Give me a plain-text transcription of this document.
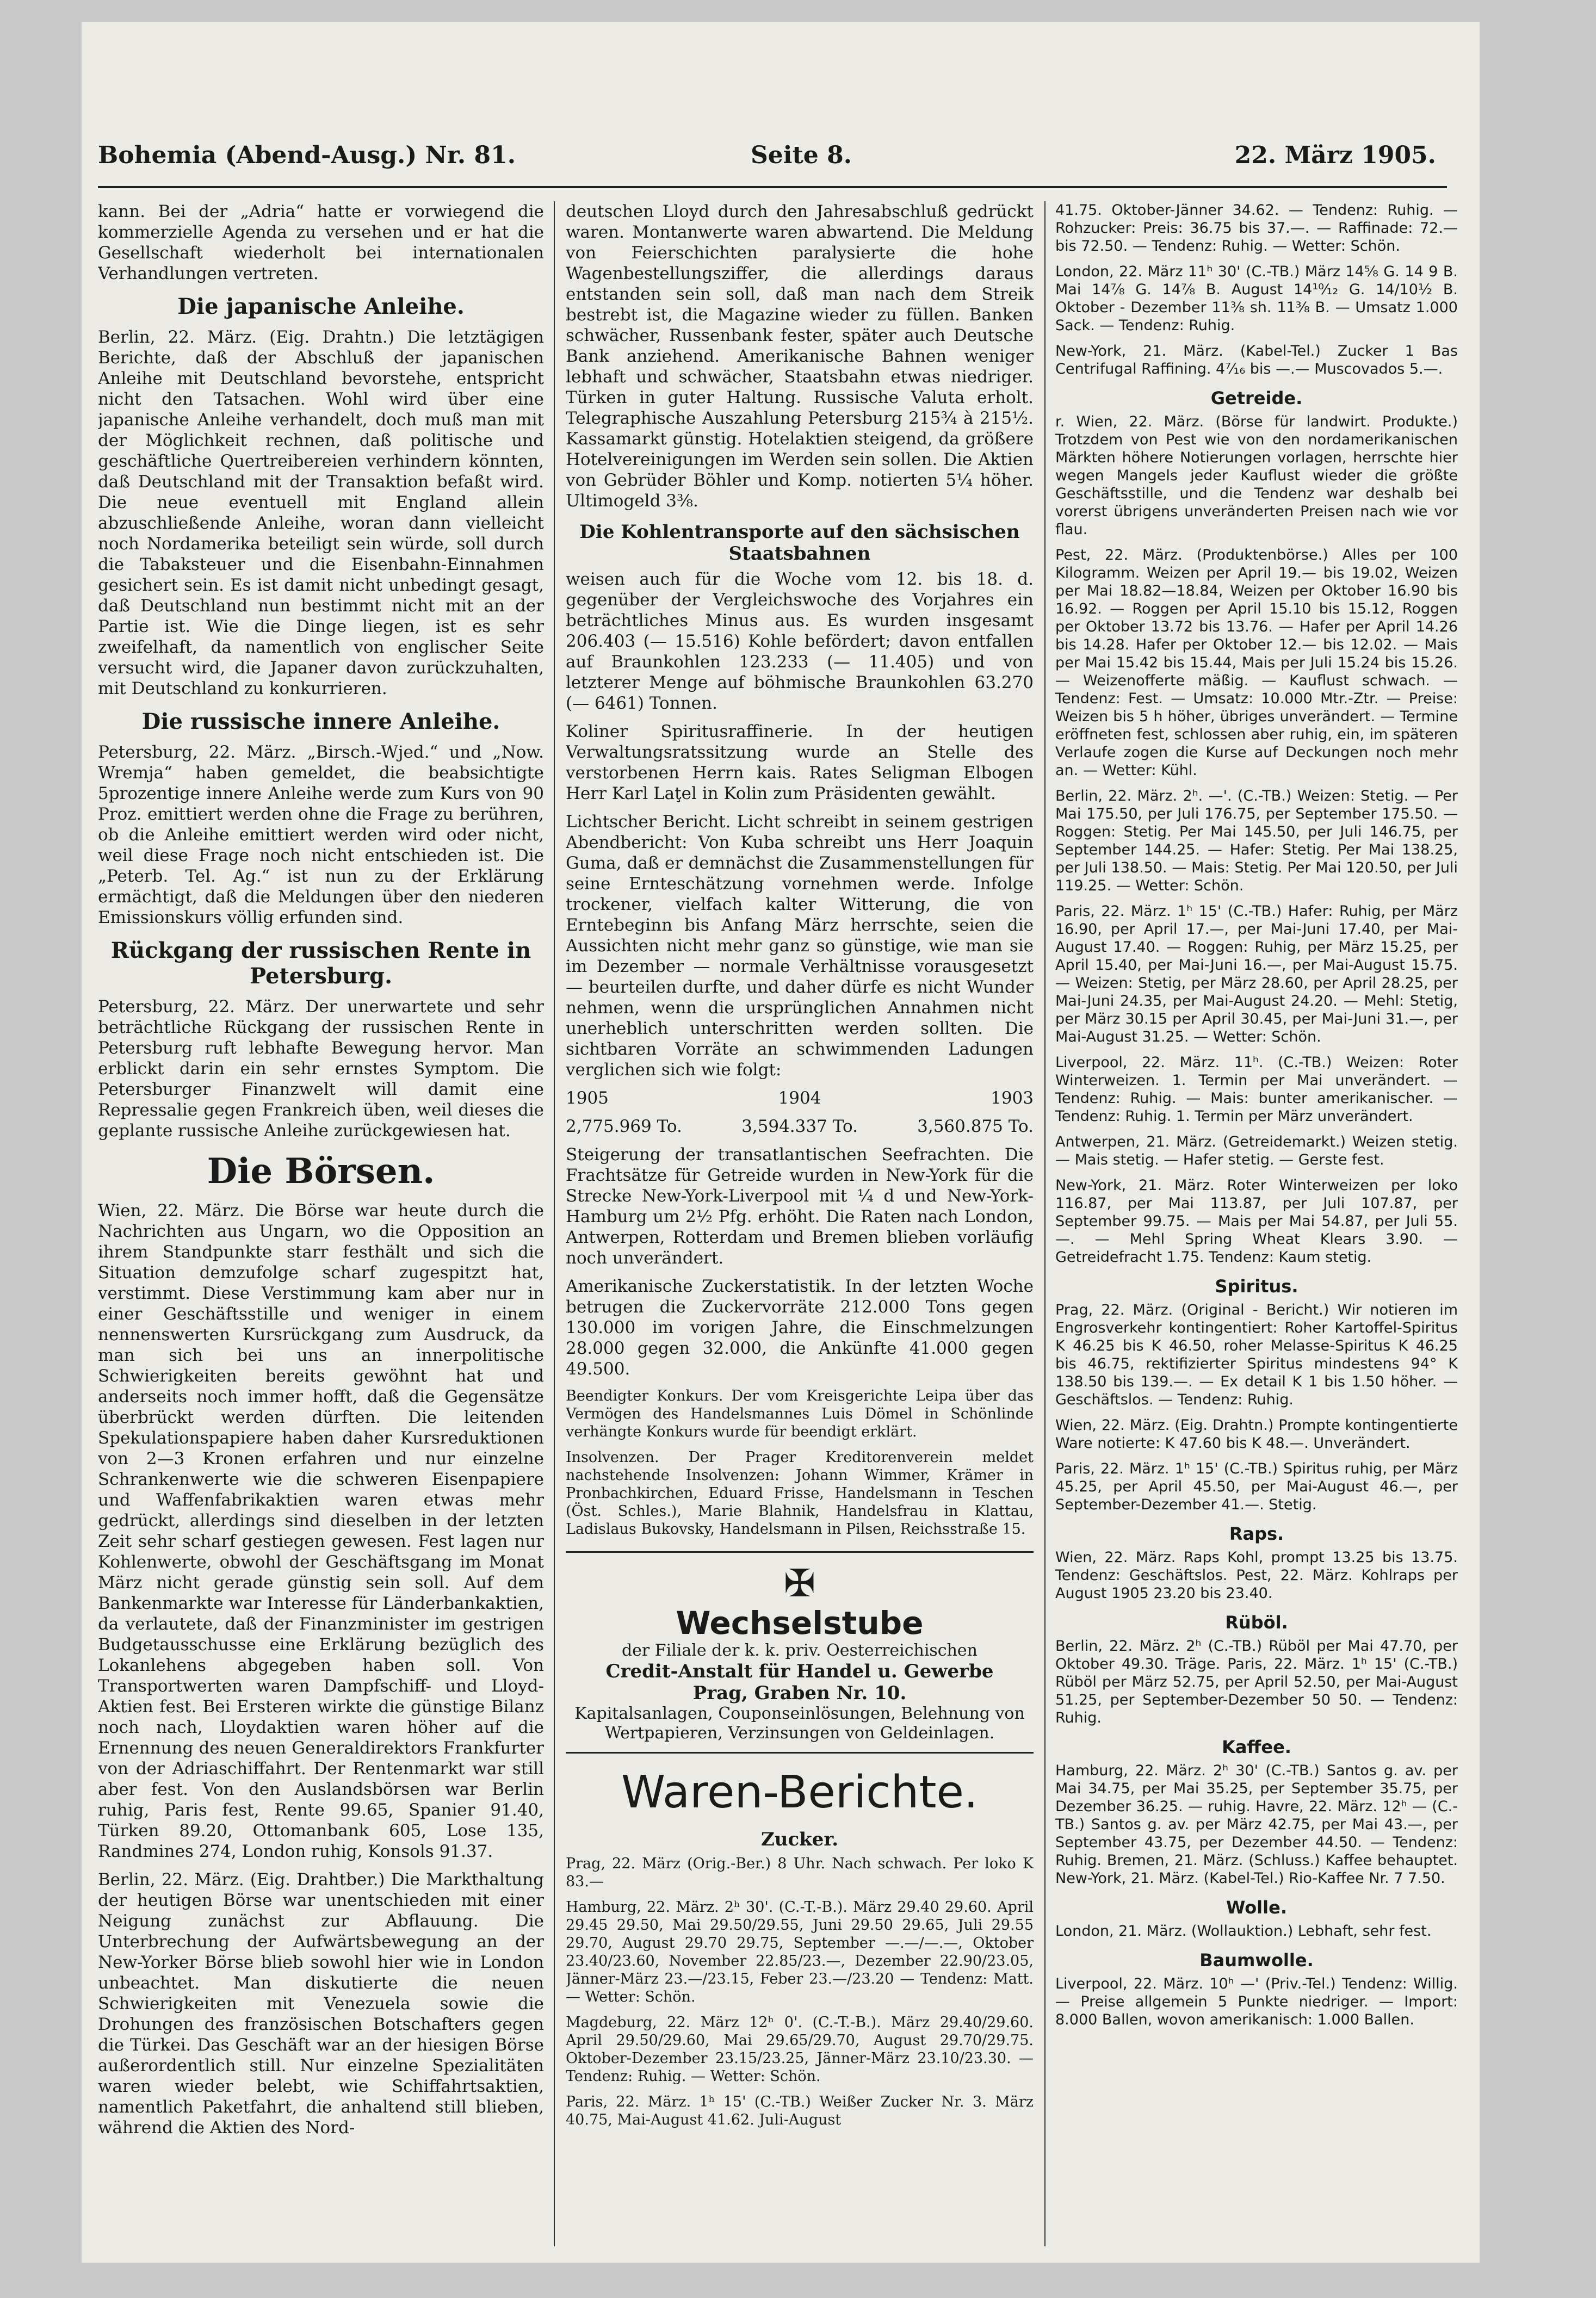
Bohemia (Abend-Ausg.) Nr. 81.	Seite 8.	22. März 1905.

kann. Bei der „Adria“ hatte er vorwiegend die kommerzielle Agenda zu versehen und er hat die Gesellschaft wiederholt bei internationalen Verhandlungen vertreten.

Die japanische Anleihe.

Berlin, 22. März. (Eig. Drahtn.) Die letztägigen Berichte, daß der Abschluß der japanischen Anleihe mit Deutschland bevorstehe, entspricht nicht den Tatsachen. Wohl wird über eine japanische Anleihe verhandelt, doch muß man mit der Möglichkeit rechnen, daß politische und geschäftliche Quertreibereien verhindern könnten, daß Deutschland mit der Transaktion befaßt wird. Die neue eventuell mit England allein abzuschließende Anleihe, woran dann vielleicht noch Nordamerika beteiligt sein würde, soll durch die Tabaksteuer und die Eisenbahn-Einnahmen gesichert sein. Es ist damit nicht unbedingt gesagt, daß Deutschland nun bestimmt nicht mit an der Partie ist. Wie die Dinge liegen, ist es sehr zweifelhaft, da namentlich von englischer Seite versucht wird, die Japaner davon zurückzuhalten, mit Deutschland zu konkurrieren.

Die russische innere Anleihe.

Petersburg, 22. März. „Birsch.-Wjed.“ und „Now. Wremja“ haben gemeldet, die beabsichtigte 5prozentige innere Anleihe werde zum Kurs von 90 Proz. emittiert werden ohne die Frage zu berühren, ob die Anleihe emittiert werden wird oder nicht, weil diese Frage noch nicht entschieden ist. Die „Peterb. Tel. Ag.“ ist nun zu der Erklärung ermächtigt, daß die Meldungen über den niederen Emissionskurs völlig erfunden sind.

Rückgang der russischen Rente in Petersburg.

Petersburg, 22. März. Der unerwartete und sehr beträchtliche Rückgang der russischen Rente in Petersburg ruft lebhafte Bewegung hervor. Man erblickt darin ein sehr ernstes Symptom. Die Petersburger Finanzwelt will damit eine Repressalie gegen Frankreich üben, weil dieses die geplante russische Anleihe zurückgewiesen hat.

Die Börsen.

Wien, 22. März. Die Börse war heute durch die Nachrichten aus Ungarn, wo die Opposition an ihrem Standpunkte starr festhält und sich die Situation demzufolge scharf zugespitzt hat, verstimmt. Diese Verstimmung kam aber nur in einer Geschäftsstille und weniger in einem nennenswerten Kursrückgang zum Ausdruck, da man sich bei uns an innerpolitische Schwierigkeiten bereits gewöhnt hat und anderseits noch immer hofft, daß die Gegensätze überbrückt werden dürften. Die leitenden Spekulationspapiere haben daher Kursreduktionen von 2—3 Kronen erfahren und nur einzelne Schrankenwerte wie die schweren Eisenpapiere und Waffenfabrikaktien waren etwas mehr gedrückt, allerdings sind dieselben in der letzten Zeit sehr scharf gestiegen gewesen. Fest lagen nur Kohlenwerte, obwohl der Geschäftsgang im Monat März nicht gerade günstig sein soll. Auf dem Bankenmarkte war Interesse für Länderbankaktien, da verlautete, daß der Finanzminister im gestrigen Budgetausschusse eine Erklärung bezüglich des Lokanlehens abgegeben haben soll. Von Transportwerten waren Dampfschiff- und Lloyd-Aktien fest. Bei Ersteren wirkte die günstige Bilanz noch nach, Lloydaktien waren höher auf die Ernennung des neuen Generaldirektors Frankfurter von der Adriaschiffahrt. Der Rentenmarkt war still aber fest. Von den Auslandsbörsen war Berlin ruhig, Paris fest, Rente 99.65, Spanier 91.40, Türken 89.20, Ottomanbank 605, Lose 135, Randmines 274, London ruhig, Konsols 91.37.

Berlin, 22. März. (Eig. Drahtber.) Die Markthaltung der heutigen Börse war unentschieden mit einer Neigung zunächst zur Abflauung. Die Unterbrechung der Aufwärtsbewegung an der New-Yorker Börse blieb sowohl hier wie in London unbeachtet. Man diskutierte die neuen Schwierigkeiten mit Venezuela sowie die Drohungen des französischen Botschafters gegen die Türkei. Das Geschäft war an der hiesigen Börse außerordentlich still. Nur einzelne Spezialitäten waren wieder belebt, wie Schiffahrtsaktien, namentlich Paketfahrt, die anhaltend still blieben, während die Aktien des Nord-

deutschen Lloyd durch den Jahresabschluß gedrückt waren. Montanwerte waren abwartend. Die Meldung von Feierschichten paralysierte die hohe Wagenbestellungsziffer, die allerdings daraus entstanden sein soll, daß man nach dem Streik bestrebt ist, die Magazine wieder zu füllen. Banken schwächer, Russenbank fester, später auch Deutsche Bank anziehend. Amerikanische Bahnen weniger lebhaft und schwächer, Staatsbahn etwas niedriger. Türken in guter Haltung. Russische Valuta erholt. Telegraphische Auszahlung Petersburg 215¾ à 215½. Kassamarkt günstig. Hotelaktien steigend, da größere Hotelvereinigungen im Werden sein sollen. Die Aktien von Gebrüder Böhler und Komp. notierten 5¼ höher. Ultimogeld 3⅜.

Die Kohlentransporte auf den sächsischen Staatsbahnen

weisen auch für die Woche vom 12. bis 18. d. gegenüber der Vergleichswoche des Vorjahres ein beträchtliches Minus aus. Es wurden insgesamt 206.403 (— 15.516) Kohle befördert; davon entfallen auf Braunkohlen 123.233 (— 11.405) und von letzterer Menge auf böhmische Braunkohlen 63.270 (— 6461) Tonnen.

Koliner Spiritusraffinerie. In der heutigen Verwaltungsratssitzung wurde an Stelle des verstorbenen Herrn kais. Rates Seligman Elbogen Herr Karl Laţel in Kolin zum Präsidenten gewählt.

Lichtscher Bericht. Licht schreibt in seinem gestrigen Abendbericht: Von Kuba schreibt uns Herr Joaquin Guma, daß er demnächst die Zusammenstellungen für seine Ernteschätzung vornehmen werde. Infolge trockener, vielfach kalter Witterung, die von Erntebeginn bis Anfang März herrschte, seien die Aussichten nicht mehr ganz so günstige, wie man sie im Dezember — normale Verhältnisse vorausgesetzt — beurteilen durfte, und daher dürfe es nicht Wunder nehmen, wenn die ursprünglichen Annahmen nicht unerheblich unterschritten werden sollten. Die sichtbaren Vorräte an schwimmenden Ladungen verglichen sich wie folgt:

1905	1904	1903
2,775.969 To.	3,594.337 To.	3,560.875 To.

Steigerung der transatlantischen Seefrachten. Die Frachtsätze für Getreide wurden in New-York für die Strecke New-York-Liverpool mit ¼ d und New-York-Hamburg um 2½ Pfg. erhöht. Die Raten nach London, Antwerpen, Rotterdam und Bremen blieben vorläufig noch unverändert.

Amerikanische Zuckerstatistik. In der letzten Woche betrugen die Zuckervorräte 212.000 Tons gegen 130.000 im vorigen Jahre, die Einschmelzungen 28.000 gegen 32.000, die Ankünfte 41.000 gegen 49.500.

Beendigter Konkurs. Der vom Kreisgerichte Leipa über das Vermögen des Handelsmannes Luis Dömel in Schönlinde verhängte Konkurs wurde für beendigt erklärt.

Insolvenzen. Der Prager Kreditorenverein meldet nachstehende Insolvenzen: Johann Wimmer, Krämer in Pronbachkirchen, Eduard Frisse, Handelsmann in Teschen (Öst. Schles.), Marie Blahnik, Handelsfrau in Klattau, Ladislaus Bukovsky, Handelsmann in Pilsen, Reichsstraße 15.

✠
Wechselstube
der Filiale der k. k. priv. Oesterreichischen
Credit-Anstalt für Handel u. Gewerbe
Prag, Graben Nr. 10.
Kapitalsanlagen, Couponseinlösungen, Belehnung von Wertpapieren, Verzinsungen von Geldeinlagen.
Waren-Berichte.
Zucker.

Prag, 22. März (Orig.-Ber.) 8 Uhr. Nach schwach. Per loko K 83.—

Hamburg, 22. März. 2ʰ 30'. (C.-T.-B.). März 29.40 29.60. April 29.45 29.50, Mai 29.50/29.55, Juni 29.50 29.65, Juli 29.55 29.70, August 29.70 29.75, September —.—/—.—, Oktober 23.40/23.60, November 22.85/23.—, Dezember 22.90/23.05, Jänner-März 23.—/23.15, Feber 23.—/23.20 — Tendenz: Matt. — Wetter: Schön.

Magdeburg, 22. März 12ʰ 0'. (C.-T.-B.). März 29.40/29.60. April 29.50/29.60, Mai 29.65/29.70, August 29.70/29.75. Oktober-Dezember 23.15/23.25, Jänner-März 23.10/23.30. — Tendenz: Ruhig. — Wetter: Schön.

Paris, 22. März. 1ʰ 15' (C.-TB.) Weißer Zucker Nr. 3. März 40.75, Mai-August 41.62. Juli-August

41.75. Oktober-Jänner 34.62. — Tendenz: Ruhig. — Rohzucker: Preis: 36.75 bis 37.—. — Raffinade: 72.— bis 72.50. — Tendenz: Ruhig. — Wetter: Schön.

London, 22. März 11ʰ 30' (C.-TB.) März 14⅝ G. 14 9 B. Mai 14⅞ G. 14⅞ B. August 14¹⁰⁄₁₂ G. 14/10½ B. Oktober - Dezember 11⅜ sh. 11⅜ B. — Umsatz 1.000 Sack. — Tendenz: Ruhig.

New-York, 21. März. (Kabel-Tel.) Zucker 1 Bas Centrifugal Raffining. 4⁷⁄₁₆ bis —.— Muscovados 5.—.

Getreide.

r. Wien, 22. März. (Börse für landwirt. Produkte.) Trotzdem von Pest wie von den nordamerikanischen Märkten höhere Notierungen vorlagen, herrschte hier wegen Mangels jeder Kauflust wieder die größte Geschäftsstille, und die Tendenz war deshalb bei vorerst übrigens unveränderten Preisen nach wie vor flau.

Pest, 22. März. (Produktenbörse.) Alles per 100 Kilogramm. Weizen per April 19.— bis 19.02, Weizen per Mai 18.82—18.84, Weizen per Oktober 16.90 bis 16.92. — Roggen per April 15.10 bis 15.12, Roggen per Oktober 13.72 bis 13.76. — Hafer per April 14.26 bis 14.28. Hafer per Oktober 12.— bis 12.02. — Mais per Mai 15.42 bis 15.44, Mais per Juli 15.24 bis 15.26. — Weizenofferte mäßig. — Kauflust schwach. — Tendenz: Fest. — Umsatz: 10.000 Mtr.-Ztr. — Preise: Weizen bis 5 h höher, übriges unverändert. — Termine eröffneten fest, schlossen aber ruhig, ein, im späteren Verlaufe zogen die Kurse auf Deckungen noch mehr an. — Wetter: Kühl.

Berlin, 22. März. 2ʰ. —'. (C.-TB.) Weizen: Stetig. — Per Mai 175.50, per Juli 176.75, per September 175.50. — Roggen: Stetig. Per Mai 145.50, per Juli 146.75, per September 144.25. — Hafer: Stetig. Per Mai 138.25, per Juli 138.50. — Mais: Stetig. Per Mai 120.50, per Juli 119.25. — Wetter: Schön.

Paris, 22. März. 1ʰ 15' (C.-TB.) Hafer: Ruhig, per März 16.90, per April 17.—, per Mai-Juni 17.40, per Mai-August 17.40. — Roggen: Ruhig, per März 15.25, per April 15.40, per Mai-Juni 16.—, per Mai-August 15.75. — Weizen: Stetig, per März 28.60, per April 28.25, per Mai-Juni 24.35, per Mai-August 24.20. — Mehl: Stetig, per März 30.15 per April 30.45, per Mai-Juni 31.—, per Mai-August 31.25. — Wetter: Schön.

Liverpool, 22. März. 11ʰ. (C.-TB.) Weizen: Roter Winterweizen. 1. Termin per Mai unverändert. — Tendenz: Ruhig. — Mais: bunter amerikanischer. — Tendenz: Ruhig. 1. Termin per März unverändert.

Antwerpen, 21. März. (Getreidemarkt.) Weizen stetig. — Mais stetig. — Hafer stetig. — Gerste fest.

New-York, 21. März. Roter Winterweizen per loko 116.87, per Mai 113.87, per Juli 107.87, per September 99.75. — Mais per Mai 54.87, per Juli 55.—. — Mehl Spring Wheat Klears 3.90. — Getreidefracht 1.75. Tendenz: Kaum stetig.

Spiritus.

Prag, 22. März. (Original - Bericht.) Wir notieren im Engrosverkehr kontingentiert: Roher Kartoffel-Spiritus K 46.25 bis K 46.50, roher Melasse-Spiritus K 46.25 bis 46.75, rektifizierter Spiritus mindestens 94° K 138.50 bis 139.—. — Ex detail K 1 bis 1.50 höher. — Geschäftslos. — Tendenz: Ruhig.

Wien, 22. März. (Eig. Drahtn.) Prompte kontingentierte Ware notierte: K 47.60 bis K 48.—. Unverändert.

Paris, 22. März. 1ʰ 15' (C.-TB.) Spiritus ruhig, per März 45.25, per April 45.50, per Mai-August 46.—, per September-Dezember 41.—. Stetig.

Raps.

Wien, 22. März. Raps Kohl, prompt 13.25 bis 13.75. Tendenz: Geschäftslos. Pest, 22. März. Kohlraps per August 1905 23.20 bis 23.40.

Rüböl.

Berlin, 22. März. 2ʰ (C.-TB.) Rüböl per Mai 47.70, per Oktober 49.30. Träge. Paris, 22. März. 1ʰ 15' (C.-TB.) Rüböl per März 52.75, per April 52.50, per Mai-August 51.25, per September-Dezember 50 50. — Tendenz: Ruhig.

Kaffee.

Hamburg, 22. März. 2ʰ 30' (C.-TB.) Santos g. av. per Mai 34.75, per Mai 35.25, per September 35.75, per Dezember 36.25. — ruhig. Havre, 22. März. 12ʰ — (C.-TB.) Santos g. av. per März 42.75, per Mai 43.—, per September 43.75, per Dezember 44.50. — Tendenz: Ruhig. Bremen, 21. März. (Schluss.) Kaffee behauptet. New-York, 21. März. (Kabel-Tel.) Rio-Kaffee Nr. 7 7.50.

Wolle.

London, 21. März. (Wollauktion.) Lebhaft, sehr fest.

Baumwolle.

Liverpool, 22. März. 10ʰ —' (Priv.-Tel.) Tendenz: Willig. — Preise allgemein 5 Punkte niedriger. — Import: 8.000 Ballen, wovon amerikanisch: 1.000 Ballen.
